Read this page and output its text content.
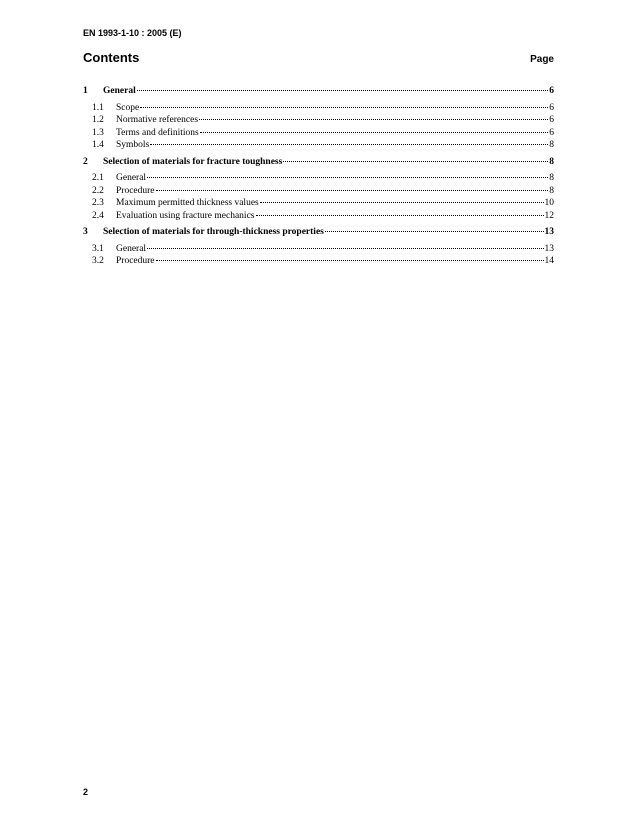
EN 1993-1-10 : 2005 (E)
Contents	Page
1	General	6
1.1	Scope	6
1.2	Normative references	6
1.3	Terms and definitions	6
1.4	Symbols	8
2	Selection of materials for fracture toughness	8
2.1	General	8
2.2	Procedure	8
2.3	Maximum permitted thickness values	10
2.4	Evaluation using fracture mechanics	12
3	Selection of materials for through-thickness properties	13
3.1	General	13
3.2	Procedure	14
2
